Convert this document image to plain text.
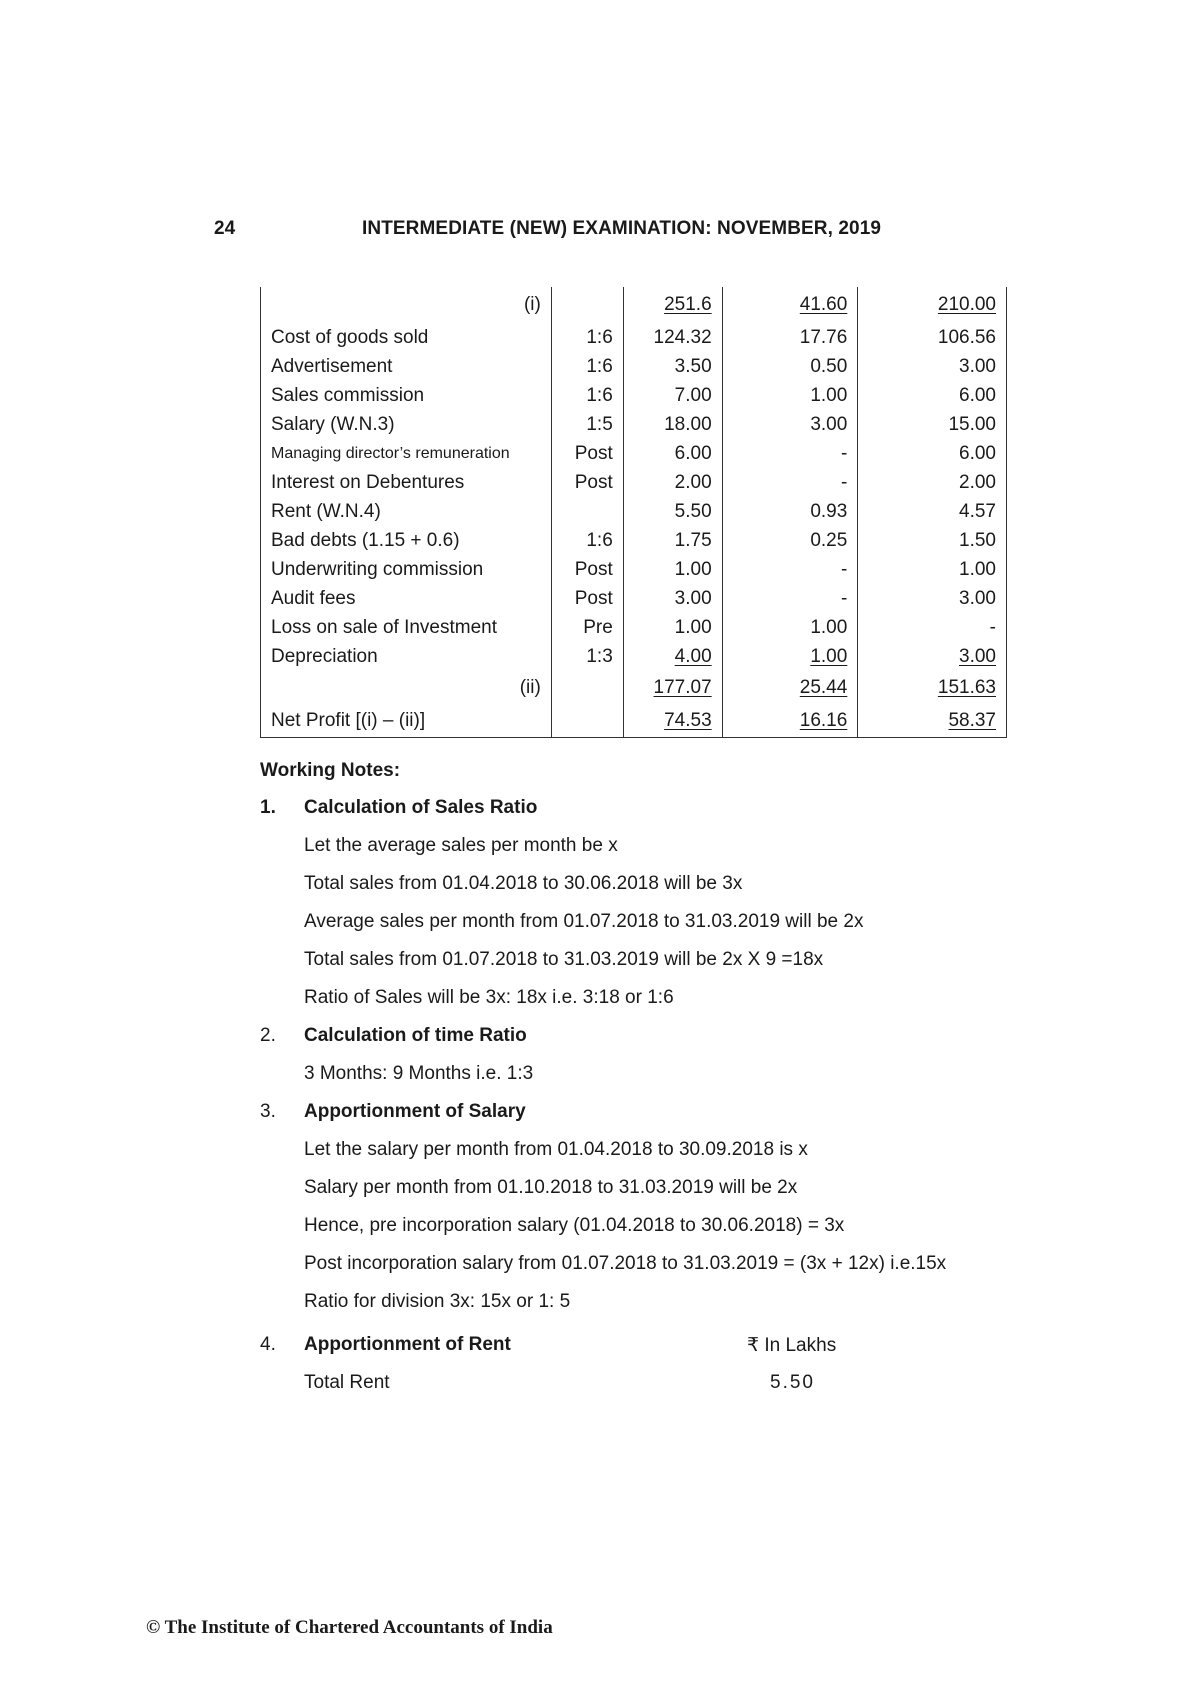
24	INTERMEDIATE (NEW) EXAMINATION: NOVEMBER, 2019
(i)		251.6	41.60	210.00
Cost of goods sold	1:6	124.32	17.76	106.56
Advertisement	1:6	3.50	0.50	3.00
Sales commission	1:6	7.00	1.00	6.00
Salary (W.N.3)	1:5	18.00	3.00	15.00
Managing director’s remuneration	Post	6.00	-	6.00
Interest on Debentures	Post	2.00	-	2.00
Rent (W.N.4)		5.50	0.93	4.57
Bad debts (1.15 + 0.6)	1:6	1.75	0.25	1.50
Underwriting commission	Post	1.00	-	1.00
Audit fees	Post	3.00	-	3.00
Loss on sale of Investment	Pre	1.00	1.00	-
Depreciation	1:3	4.00	1.00	3.00
(ii)		177.07	25.44	151.63
Net Profit [(i) – (ii)]		74.53	16.16	58.37
Working Notes:
1. Calculation of Sales Ratio
Let the average sales per month be x
Total sales from 01.04.2018 to 30.06.2018 will be 3x
Average sales per month from 01.07.2018 to 31.03.2019 will be 2x
Total sales from 01.07.2018 to 31.03.2019 will be 2x X 9 =18x
Ratio of Sales will be 3x: 18x i.e. 3:18 or 1:6
2. Calculation of time Ratio
3 Months: 9 Months i.e. 1:3
3. Apportionment of Salary
Let the salary per month from 01.04.2018 to 30.09.2018 is x
Salary per month from 01.10.2018 to 31.03.2019 will be 2x
Hence, pre incorporation salary (01.04.2018 to 30.06.2018) = 3x
Post incorporation salary from 01.07.2018 to 31.03.2019 = (3x + 12x) i.e.15x
Ratio for division 3x: 15x or 1: 5
4. Apportionment of Rent	₹ In Lakhs
Total Rent	5.50
© The Institute of Chartered Accountants of India
